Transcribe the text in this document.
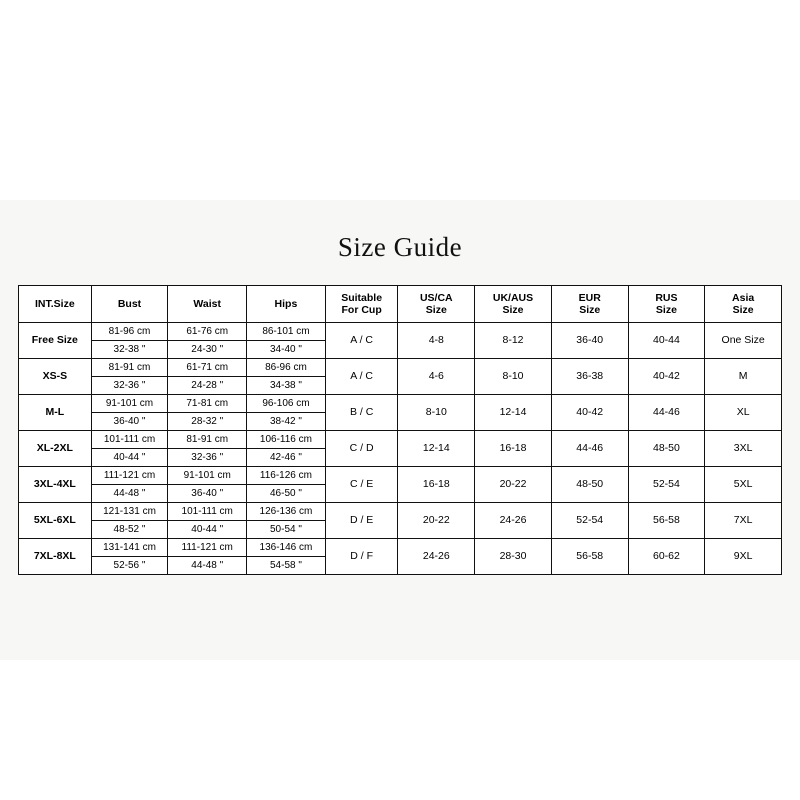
Size Guide
INT.Size	Bust	Waist	Hips	Suitable
For Cup	US/CA
Size	UK/AUS
Size	EUR
Size	RUS
Size	Asia
Size

Free Size	81-96 cm
32-38 "	61-76 cm
24-30 "	86-101 cm
34-40 "	A / C	4-8	8-12	36-40	40-44	One Size
XS-S	81-91 cm
32-36 "	61-71 cm
24-28 "	86-96 cm
34-38 "	A / C	4-6	8-10	36-38	40-42	M
M-L	91-101 cm
36-40 "	71-81 cm
28-32 "	96-106 cm
38-42 "	B / C	8-10	12-14	40-42	44-46	XL
XL-2XL	101-111 cm
40-44 "	81-91 cm
32-36 "	106-116 cm
42-46 "	C / D	12-14	16-18	44-46	48-50	3XL
3XL-4XL	111-121 cm
44-48 "	91-101 cm
36-40 "	116-126 cm
46-50 "	C / E	16-18	20-22	48-50	52-54	5XL
5XL-6XL	121-131 cm
48-52 "	101-111 cm
40-44 "	126-136 cm
50-54 "	D / E	20-22	24-26	52-54	56-58	7XL
7XL-8XL	131-141 cm
52-56 "	111-121 cm
44-48 "	136-146 cm
54-58 "	D / F	24-26	28-30	56-58	60-62	9XL
